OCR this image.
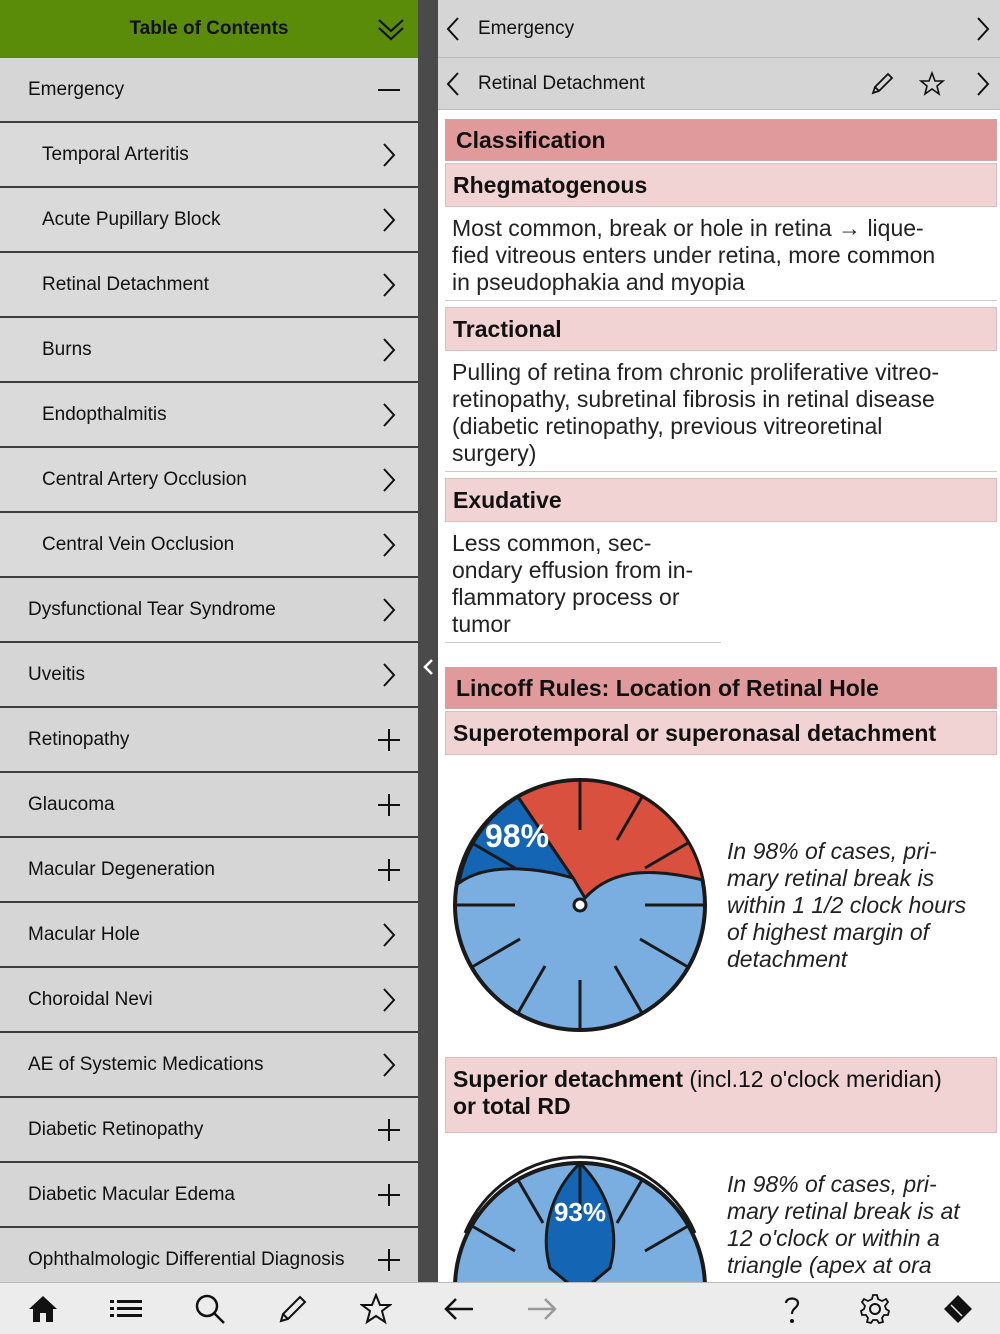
Table of Contents
Emergency
Temporal Arteritis
Acute Pupillary Block
Retinal Detachment
Burns
Endopthalmitis
Central Artery Occlusion
Central Vein Occlusion
Dysfunctional Tear Syndrome
Uveitis
Retinopathy
Glaucoma
Macular Degeneration
Macular Hole
Choroidal Nevi
AE of Systemic Medications
Diabetic Retinopathy
Diabetic Macular Edema
Ophthalmologic Differential Diagnosis
Emergency
Retinal Detachment
Classification
Rhegmatogenous
Most common, break or hole in retina → lique-
fied vitreous enters under retina, more common
in pseudophakia and myopia
Tractional
Pulling of retina from chronic proliferative vitreo-
retinopathy, subretinal fibrosis in retinal disease
(diabetic retinopathy, previous vitreoretinal
surgery)
Exudative
Less common, sec-
ondary effusion from in-
flammatory process or
tumor
Lincoff Rules: Location of Retinal Hole
Superotemporal or superonasal detachment
98%	In 98% of cases, pri-
mary retinal break is
within 1 1/2 clock hours
of highest margin of
detachment
Superior detachment (incl.12 o'clock meridian)
or total RD
93%
In 98% of cases, pri-
mary retinal break is at
12 o'clock or within a
triangle (apex at ora
